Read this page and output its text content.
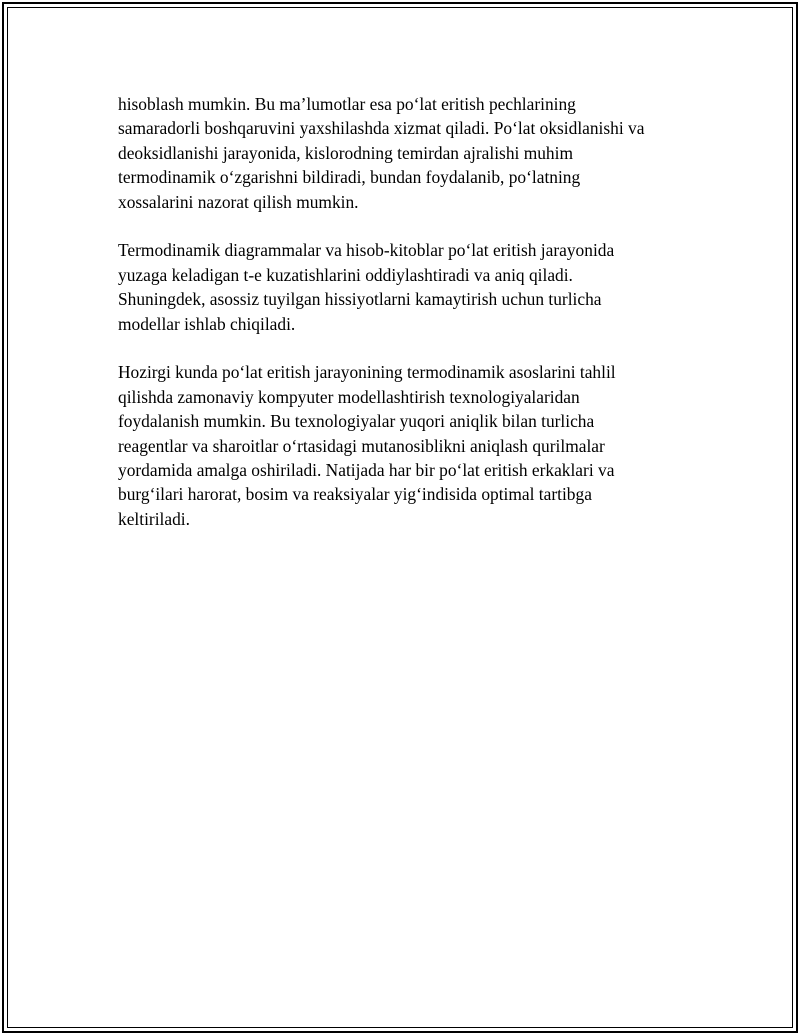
hisoblash mumkin. Bu ma’lumotlar esa po‘lat eritish pechlarining
samaradorli boshqaruvini yaxshilashda xizmat qiladi. Po‘lat oksidlanishi va
deoksidlanishi jarayonida, kislorodning temirdan ajralishi muhim
termodinamik o‘zgarishni bildiradi, bundan foydalanib, po‘latning
xossalarini nazorat qilish mumkin.

Termodinamik diagrammalar va hisob-kitoblar po‘lat eritish jarayonida
yuzaga keladigan t-e kuzatishlarini oddiylashtiradi va aniq qiladi.
Shuningdek, asossiz tuyilgan hissiyotlarni kamaytirish uchun turlicha
modellar ishlab chiqiladi.

Hozirgi kunda po‘lat eritish jarayonining termodinamik asoslarini tahlil
qilishda zamonaviy kompyuter modellashtirish texnologiyalaridan
foydalanish mumkin. Bu texnologiyalar yuqori aniqlik bilan turlicha
reagentlar va sharoitlar o‘rtasidagi mutanosiblikni aniqlash qurilmalar
yordamida amalga oshiriladi. Natijada har bir po‘lat eritish erkaklari va
burg‘ilari harorat, bosim va reaksiyalar yig‘indisida optimal tartibga
keltiriladi.
